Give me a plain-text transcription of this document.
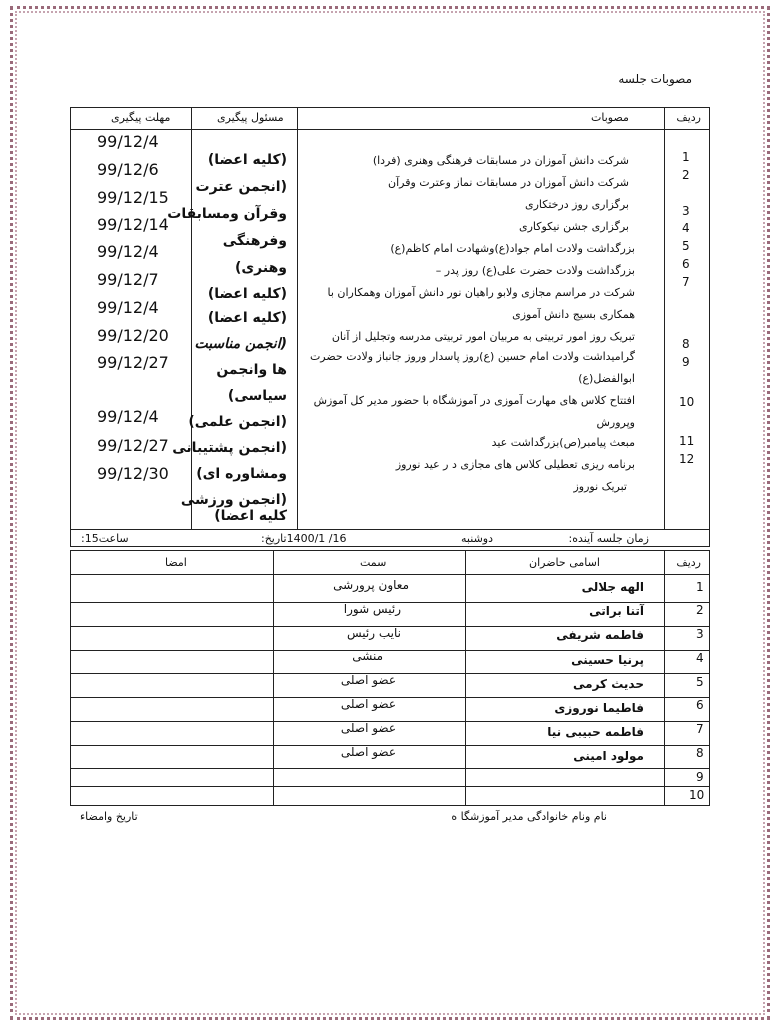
مصوبات جلسه
ردیف
مصوبات
مسئول پیگیری
مهلت پیگیری
1
2
3
4
5
6
7
8
9
10
11
12
شرکت دانش آموزان در مسابقات فرهنگی وهنری (فردا)
شرکت دانش آموزان در مسابقات نماز وعترت وقرآن
برگزاری روز درختکاری
برگزاری جشن نیکوکاری
بزرگداشت ولادت امام جواد(ع)وشهادت امام کاظم(ع)
بزرگداشت ولادت حضرت علی(ع) روز پدر –
شرکت در مراسم مجازی ولابو راهیان نور دانش آموزان وهمکاران با
همکاری بسیج دانش آموزی
تبریک روز امور تربیتی به مربیان امور تربیتی مدرسه وتجلیل از آنان
گرامیداشت ولادت امام حسین (ع)روز پاسدار وروز جانباز ولادت حضرت
ابوالفضل(ع)
افتتاح کلاس های مهارت آموزی در آموزشگاه با حضور مدیر کل آموزش
وپرورش
مبعث پیامبر(ص)بزرگداشت عید
برنامه ریزی تعطیلی کلاس های مجازی د ر عید نوروز
تبریک نوروز
(کلیه اعضا)
(انجمن عترت
وقرآن ومسابقات
وفرهنگی
وهنری)
(کلیه اعضا)
(کلیه اعضا)
(انجمن مناسبت
ها وانجمن
سیاسی)
(انجمن علمی)
(انجمن پشتیبانی
ومشاوره ای)
(انجمن ورزشی
کلیه اعضا)
99/12/4
99/12/6
99/12/15
99/12/14
99/12/4
99/12/7
99/12/4
99/12/20
99/12/27
99/12/4
99/12/27
99/12/30
زمان جلسه آینده:
دوشنبه
16/ 1400/1تاریخ:
ساعت15:
ردیف
اسامی حاضران
سمت
امضا
1
2
3
4
5
6
7
8
9
10
الهه جلالی
آتنا براتی
فاطمه شریفی
پرنیا حسینی
حدیث کرمی
فاطیما نوروزی
فاطمه حبیبی نیا
مولود امینی
معاون پرورشی
رئیس شورا
نایب رئیس
منشی
عضو اصلی
عضو اصلی
عضو اصلی
عضو اصلی
نام ونام خانوادگی مدیر آموزشگا ه
تاریخ وامضاء
